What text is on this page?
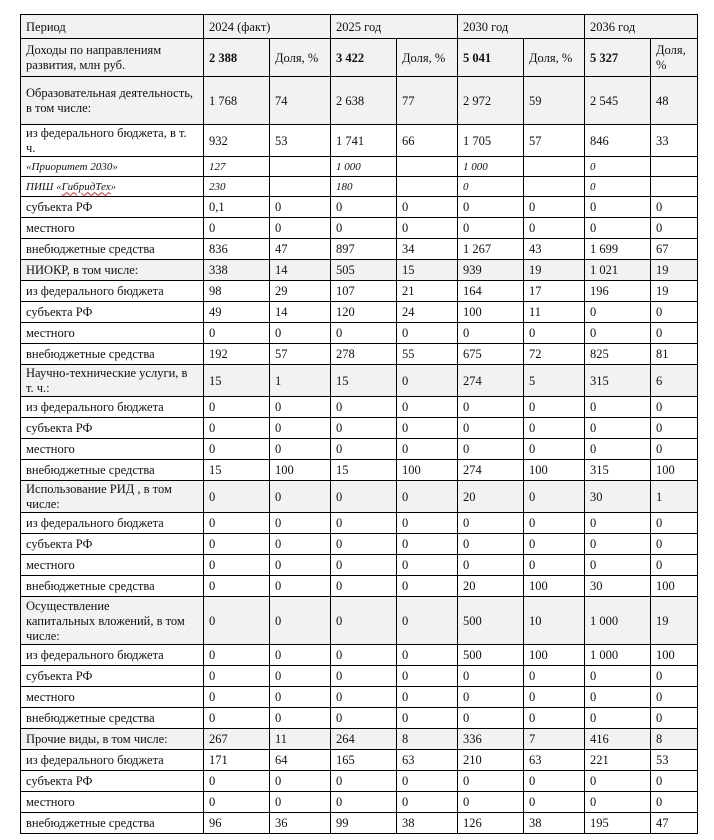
Период	2024 (факт)		2025 год		2030 год		2036 год	
Доходы по направлениям развития, млн руб.	2 388	Доля, %	3 422	Доля, %	5 041	Доля, %	5 327	Доля, %
Образовательная деятельность,
в том числе:	1 768	74	2 638	77	2 972	59	2 545	48
из федерального бюджета, в т. ч.	932	53	1 741	66	1 705	57	846	33
«Приоритет 2030»	127		1 000		1 000		0	
ПИШ «ГибридТех»	230		180		0		0	
субъекта РФ	0,1	0	0	0	0	0	0	0
местного	0	0	0	0	0	0	0	0
внебюджетные средства	836	47	897	34	1 267	43	1 699	67
НИОКР, в том числе:	338	14	505	15	939	19	1 021	19
из федерального бюджета	98	29	107	21	164	17	196	19
субъекта РФ	49	14	120	24	100	11	0	0
местного	0	0	0	0	0	0	0	0
внебюджетные средства	192	57	278	55	675	72	825	81
Научно-технические услуги, в т. ч.:	15	1	15	0	274	5	315	6
из федерального бюджета	0	0	0	0	0	0	0	0
субъекта РФ	0	0	0	0	0	0	0	0
местного	0	0	0	0	0	0	0	0
внебюджетные средства	15	100	15	100	274	100	315	100
Использование РИД , в том числе:	0	0	0	0	20	0	30	1
из федерального бюджета	0	0	0	0	0	0	0	0
субъекта РФ	0	0	0	0	0	0	0	0
местного	0	0	0	0	0	0	0	0
внебюджетные средства	0	0	0	0	20	100	30	100
Осуществление
капитальных вложений, в том числе:	0	0	0	0	500	10	1 000	19
из федерального бюджета	0	0	0	0	500	100	1 000	100
субъекта РФ	0	0	0	0	0	0	0	0
местного	0	0	0	0	0	0	0	0
внебюджетные средства	0	0	0	0	0	0	0	0
Прочие виды, в том числе:	267	11	264	8	336	7	416	8
из федерального бюджета	171	64	165	63	210	63	221	53
субъекта РФ	0	0	0	0	0	0	0	0
местного	0	0	0	0	0	0	0	0
внебюджетные средства	96	36	99	38	126	38	195	47
